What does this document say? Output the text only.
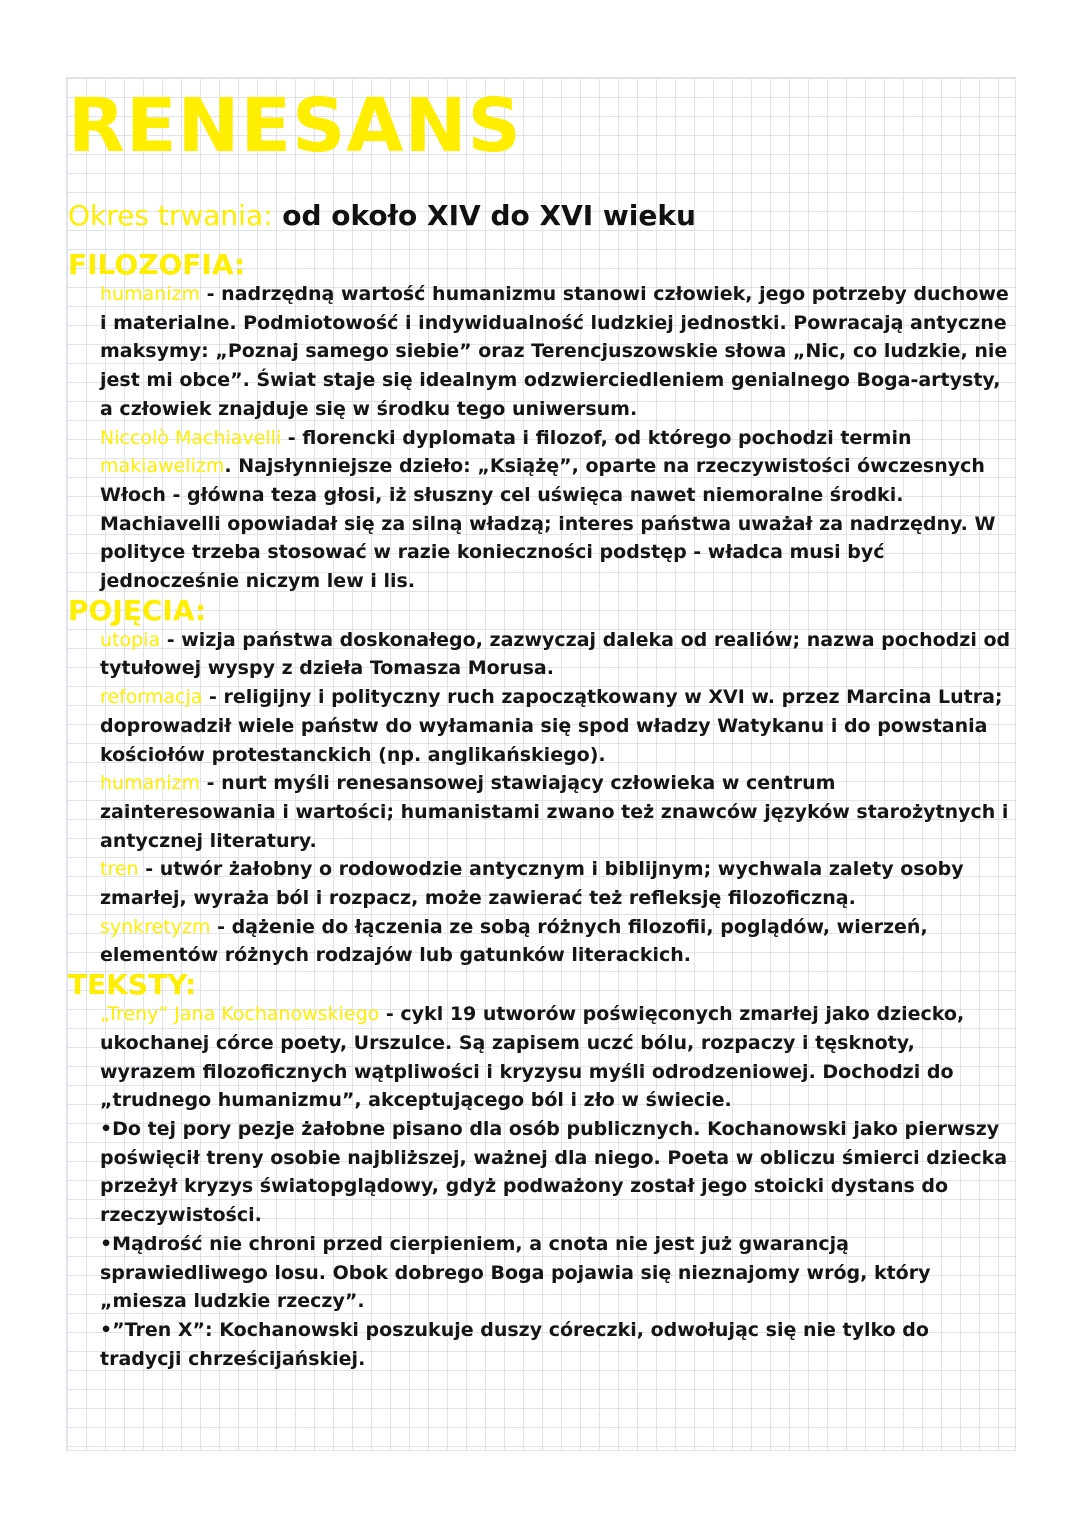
RENESANS
Okres trwania: od około XIV do XVI wieku
FILOZOFIA:

humanizm - nadrzędną wartość humanizmu stanowi człowiek, jego potrzeby duchowe i materialne. Podmiotowość i indywidualność ludzkiej jednostki. Powracają antyczne maksymy: „Poznaj samego siebie” oraz Terencjuszowskie słowa „Nic, co ludzkie, nie jest mi obce”. Świat staje się idealnym odzwierciedleniem genialnego Boga-artysty, a człowiek znajduje się w środku tego uniwersum.

Niccolò Machiavelli - florencki dyplomata i filozof, od którego pochodzi termin makiawelizm. Najsłynniejsze dzieło: „Książę”, oparte na rzeczywistości ówczesnych Włoch - główna teza głosi, iż słuszny cel uświęca nawet niemoralne środki. Machiavelli opowiadał się za silną władzą; interes państwa uważał za nadrzędny. W polityce trzeba stosować w razie konieczności podstęp - władca musi być jednocześnie niczym lew i lis.

POJĘCIA:

utopia - wizja państwa doskonałego, zazwyczaj daleka od realiów; nazwa pochodzi od tytułowej wyspy z dzieła Tomasza Morusa.

reformacja - religijny i polityczny ruch zapoczątkowany w XVI w. przez Marcina Lutra; doprowadził wiele państw do wyłamania się spod władzy Watykanu i do powstania kościołów protestanckich (np. anglikańskiego).

humanizm - nurt myśli renesansowej stawiający człowieka w centrum zainteresowania i wartości; humanistami zwano też znawców języków starożytnych i antycznej literatury.

tren - utwór żałobny o rodowodzie antycznym i biblijnym; wychwala zalety osoby zmarłej, wyraża ból i rozpacz, może zawierać też refleksję filozoficzną.

synkretyzm - dążenie do łączenia ze sobą różnych filozofii, poglądów, wierzeń, elementów różnych rodzajów lub gatunków literackich.

TEKSTY:

„Treny” Jana Kochanowskiego - cykl 19 utworów poświęconych zmarłej jako dziecko, ukochanej córce poety, Urszulce. Są zapisem uczć bólu, rozpaczy i tęsknoty, wyrazem filozoficznych wątpliwości i kryzysu myśli odrodzeniowej. Dochodzi do „trudnego humanizmu”, akceptującego ból i zło w świecie.

•Do tej pory pezje żałobne pisano dla osób publicznych. Kochanowski jako pierwszy poświęcił treny osobie najbliższej, ważnej dla niego. Poeta w obliczu śmierci dziecka przeżył kryzys światopglądowy, gdyż podważony został jego stoicki dystans do rzeczywistości.

•Mądrość nie chroni przed cierpieniem, a cnota nie jest już gwarancją sprawiedliwego losu. Obok dobrego Boga pojawia się nieznajomy wróg, który „miesza ludzkie rzeczy”.

•”Tren X”: Kochanowski poszukuje duszy córeczki, odwołując się nie tylko do tradycji chrześcijańskiej.
